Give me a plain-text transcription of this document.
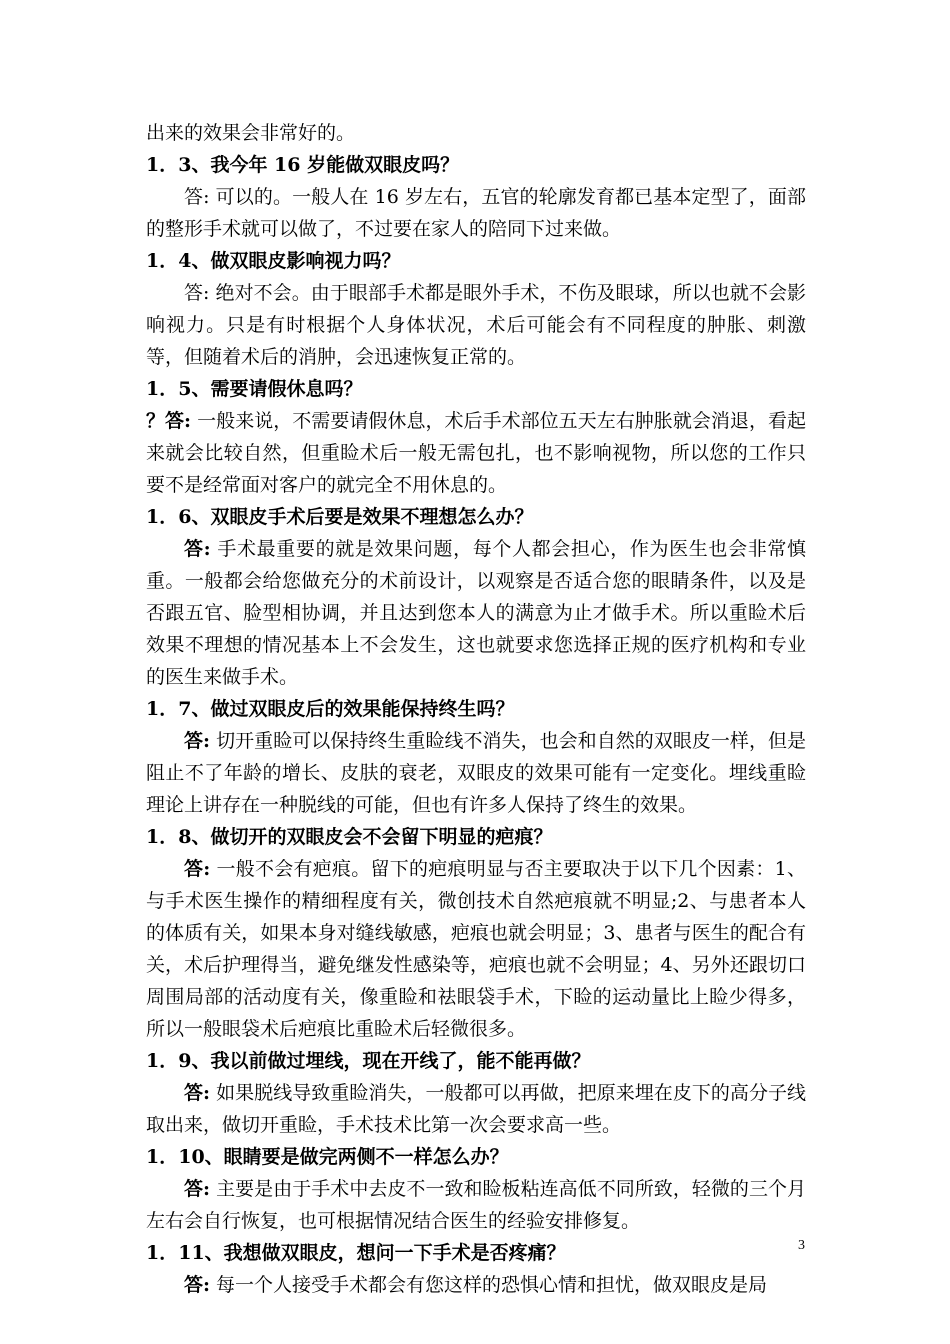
出来的效果会非常好的。

1．3、我今年 16 岁能做双眼皮吗？

答: 可以的。一般人在 16 岁左右，五官的轮廓发育都已基本定型了，面部的整形手术就可以做了，不过要在家人的陪同下过来做。

1．4、做双眼皮影响视力吗？

答: 绝对不会。由于眼部手术都是眼外手术，不伤及眼球，所以也就不会影响视力。只是有时根据个人身体状况，术后可能会有不同程度的肿胀、刺激等，但随着术后的消肿，会迅速恢复正常的。

1．5、需要请假休息吗？

？答: 一般来说，不需要请假休息，术后手术部位五天左右肿胀就会消退，看起来就会比较自然，但重睑术后一般无需包扎，也不影响视物，所以您的工作只要不是经常面对客户的就完全不用休息的。

1．6、双眼皮手术后要是效果不理想怎么办？

答: 手术最重要的就是效果问题，每个人都会担心，作为医生也会非常慎重。一般都会给您做充分的术前设计，以观察是否适合您的眼睛条件，以及是否跟五官、脸型相协调，并且达到您本人的满意为止才做手术。所以重睑术后效果不理想的情况基本上不会发生，这也就要求您选择正规的医疗机构和专业的医生来做手术。

1．7、做过双眼皮后的效果能保持终生吗？

答: 切开重睑可以保持终生重睑线不消失，也会和自然的双眼皮一样，但是阻止不了年龄的增长、皮肤的衰老，双眼皮的效果可能有一定变化。埋线重睑理论上讲存在一种脱线的可能，但也有许多人保持了终生的效果。

1．8、做切开的双眼皮会不会留下明显的疤痕？

答: 一般不会有疤痕。留下的疤痕明显与否主要取决于以下几个因素：1、与手术医生操作的精细程度有关，微创技术自然疤痕就不明显;2、与患者本人的体质有关，如果本身对缝线敏感，疤痕也就会明显；3、患者与医生的配合有关，术后护理得当，避免继发性感染等，疤痕也就不会明显；4、另外还跟切口周围局部的活动度有关，像重睑和祛眼袋手术，下睑的运动量比上睑少得多，所以一般眼袋术后疤痕比重睑术后轻微很多。

1．9、我以前做过埋线，现在开线了，能不能再做？

答: 如果脱线导致重睑消失，一般都可以再做，把原来埋在皮下的高分子线取出来，做切开重睑，手术技术比第一次会要求高一些。

1．10、眼睛要是做完两侧不一样怎么办？

答: 主要是由于手术中去皮不一致和睑板粘连高低不同所致，轻微的三个月左右会自行恢复，也可根据情况结合医生的经验安排修复。

1．11、我想做双眼皮，想问一下手术是否疼痛？

答: 每一个人接受手术都会有您这样的恐惧心情和担忧，做双眼皮是局

3
